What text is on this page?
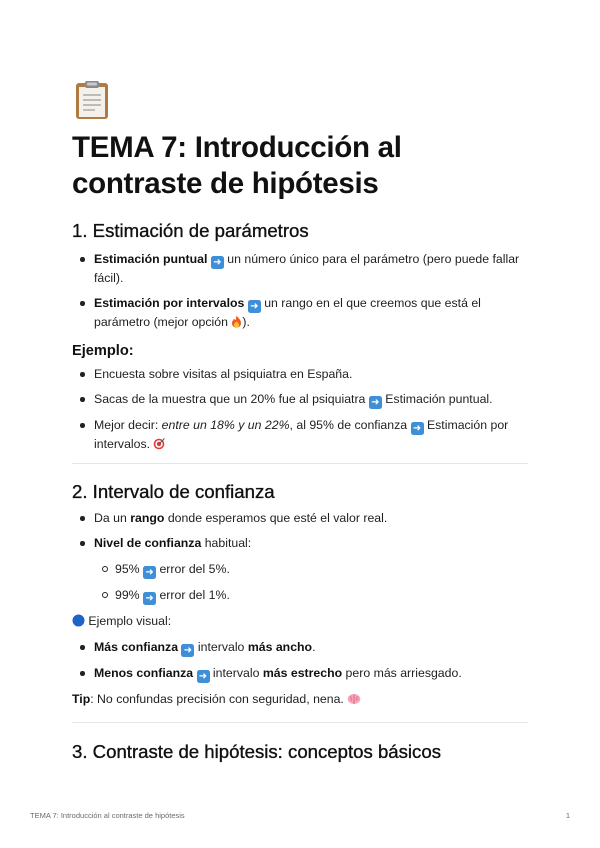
TEMA 7: Introducción al contraste de hipótesis
1. Estimación de parámetros
Estimación puntual ➜ un número único para el parámetro (pero puede fallar fácil).
Estimación por intervalos ➜ un rango en el que creemos que está el parámetro (mejor opción ).
Ejemplo:
Encuesta sobre visitas al psiquiatra en España.
Sacas de la muestra que un 20% fue al psiquiatra ➜ Estimación puntual.
Mejor decir: entre un 18% y un 22%, al 95% de confianza ➜ Estimación por intervalos.
2. Intervalo de confianza
Da un rango donde esperamos que esté el valor real.
Nivel de confianza habitual:
95% ➜ error del 5%.
99% ➜ error del 1%.
Ejemplo visual:
Más confianza ➜ intervalo más ancho.
Menos confianza ➜ intervalo más estrecho pero más arriesgado.
Tip: No confundas precisión con seguridad, nena.
3. Contraste de hipótesis: conceptos básicos
TEMA 7: Introducción al contraste de hipótesis	1
